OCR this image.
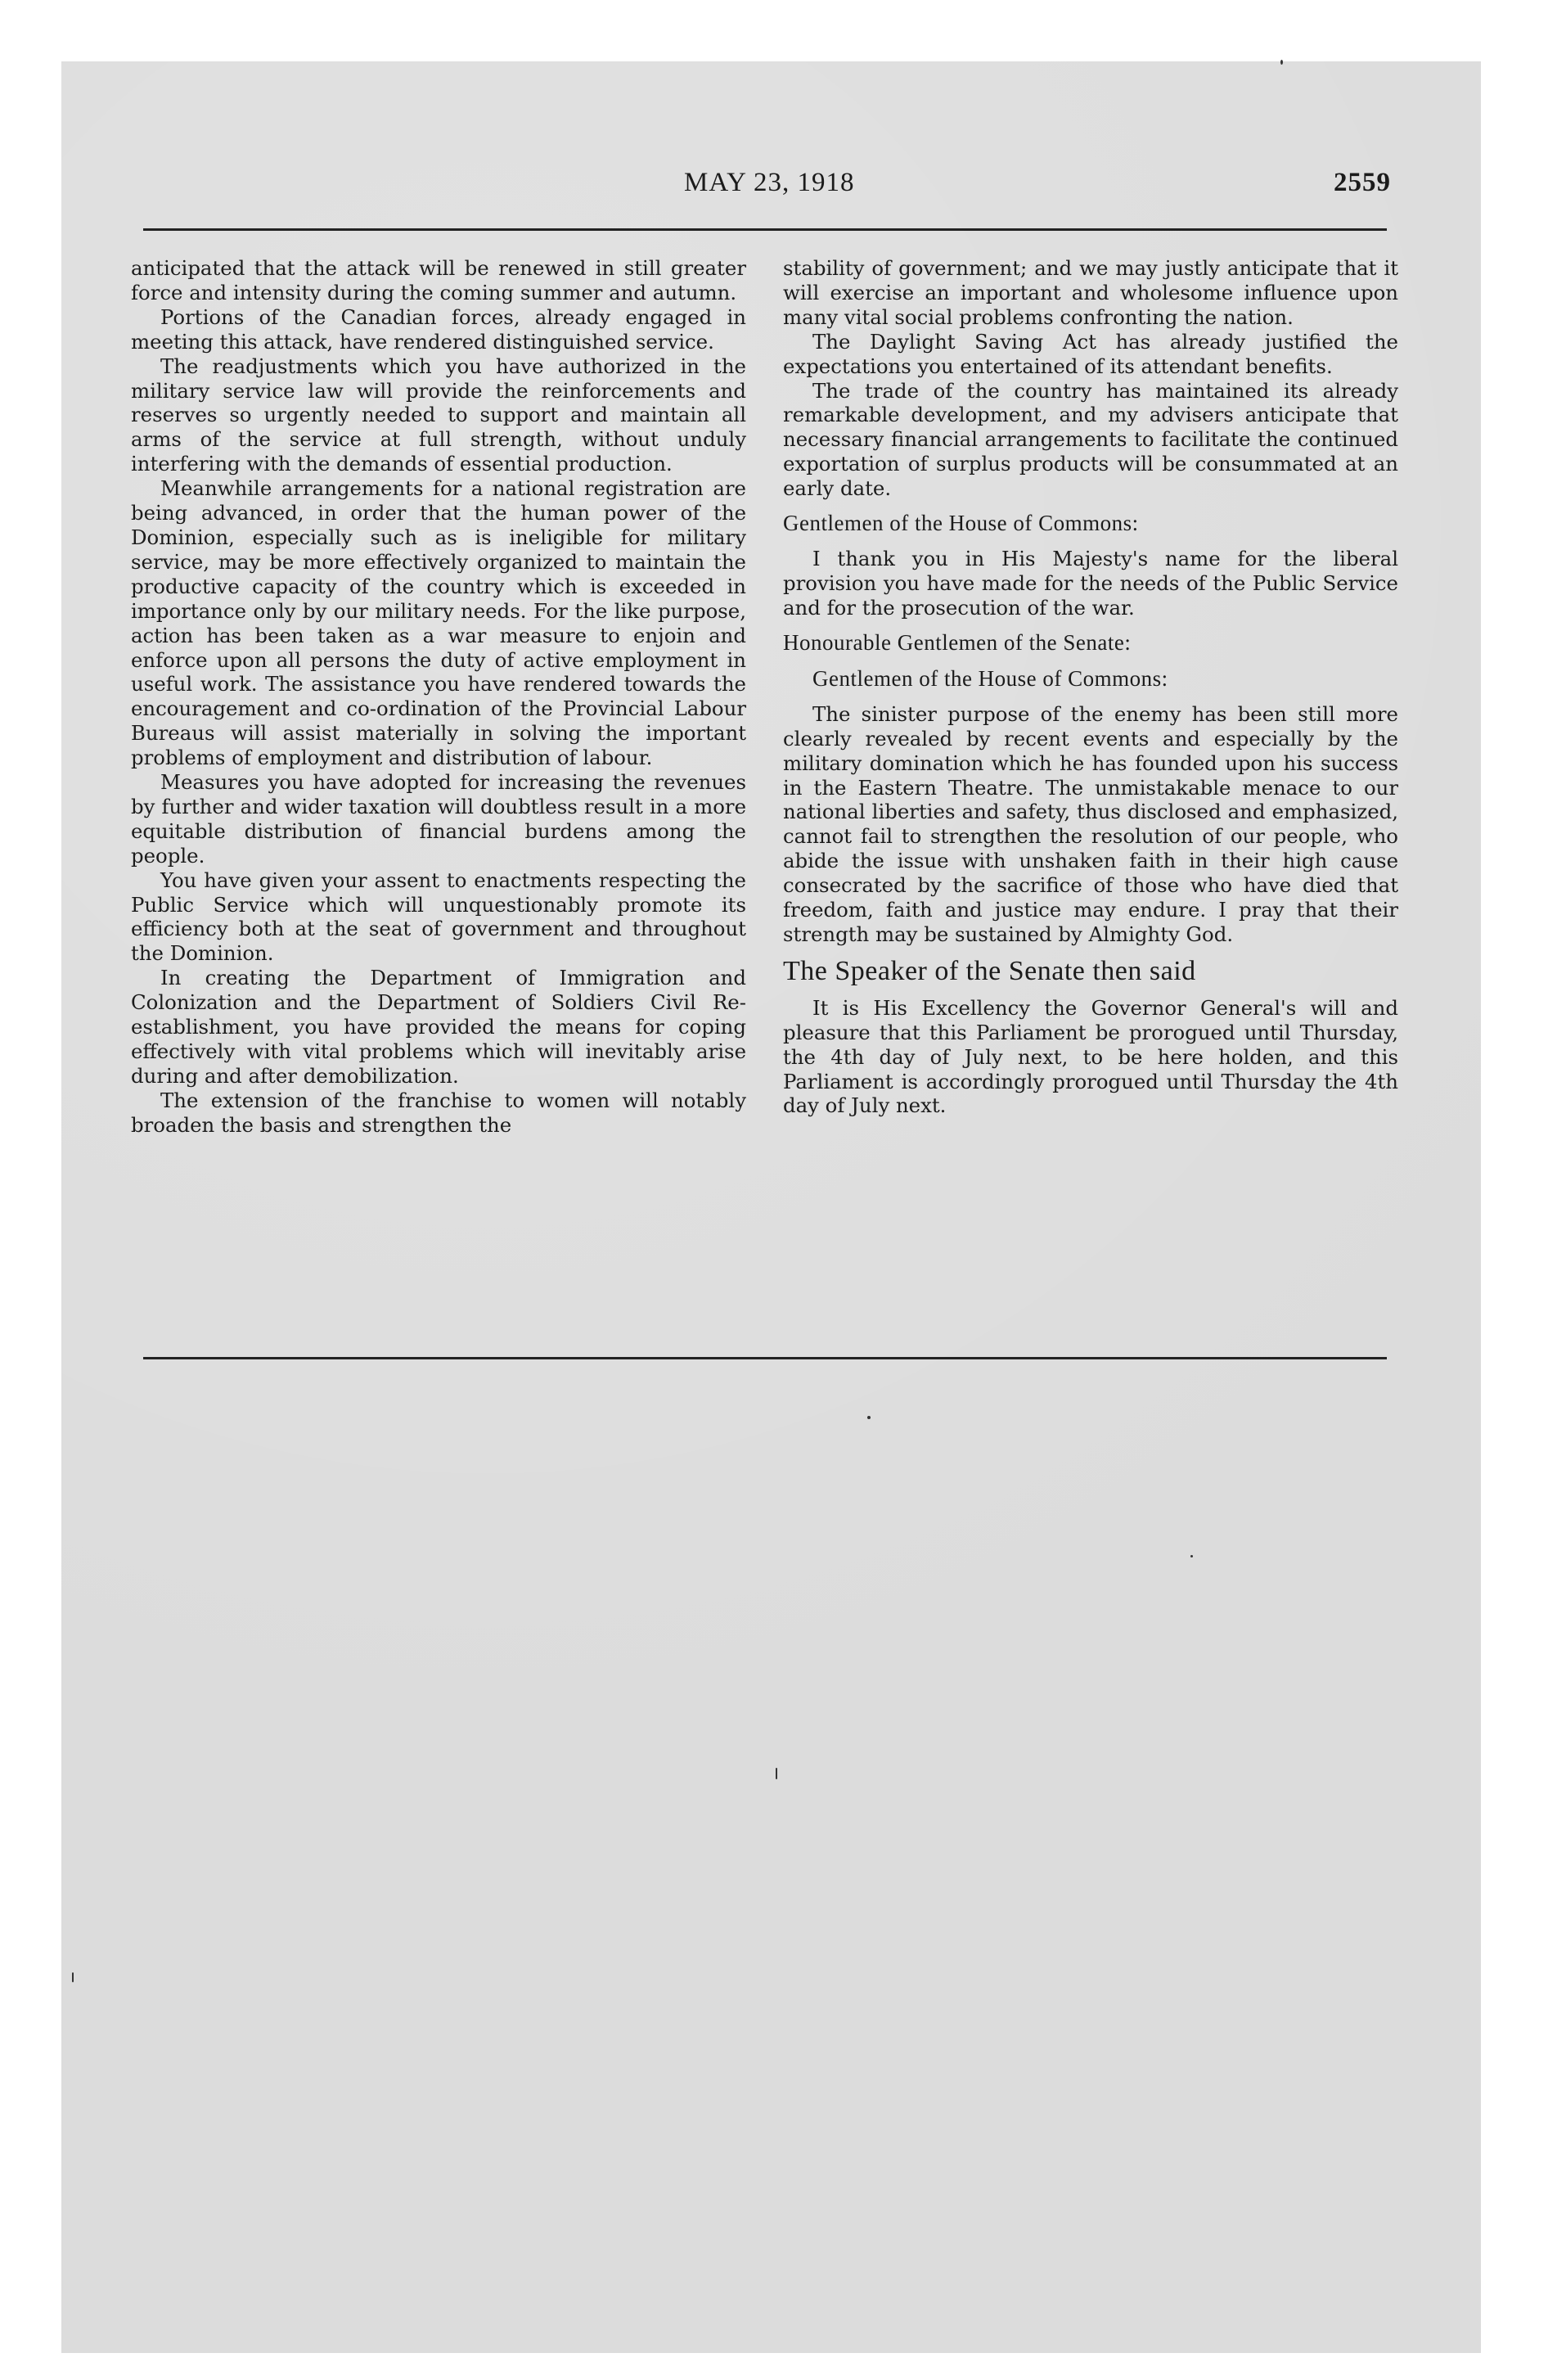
MAY 23, 1918	2559

anticipated that the attack will be renewed in still greater force and intensity during the coming summer and autumn.

Portions of the Canadian forces, already engaged in meeting this attack, have rendered distinguished service.

The readjustments which you have authorized in the military service law will provide the reinforcements and reserves so urgently needed to support and maintain all arms of the service at full strength, without unduly interfering with the demands of essential production.

Meanwhile arrangements for a national registration are being advanced, in order that the human power of the Dominion, especially such as is ineligible for military service, may be more effectively organized to maintain the productive capacity of the country which is exceeded in importance only by our military needs. For the like purpose, action has been taken as a war measure to enjoin and enforce upon all persons the duty of active employment in useful work. The assistance you have rendered towards the encouragement and co-ordination of the Provincial Labour Bureaus will assist materially in solving the important problems of employment and distribution of labour.

Measures you have adopted for increasing the revenues by further and wider taxation will doubtless result in a more equitable distribution of financial burdens among the people.

You have given your assent to enactments respecting the Public Service which will unquestionably promote its efficiency both at the seat of government and throughout the Dominion.

In creating the Department of Immigration and Colonization and the Department of Soldiers Civil Re-establishment, you have provided the means for coping effectively with vital problems which will inevitably arise during and after demobilization.

The extension of the franchise to women will notably broaden the basis and strengthen the

stability of government; and we may justly anticipate that it will exercise an important and wholesome influence upon many vital social problems confronting the nation.

The Daylight Saving Act has already justified the expectations you entertained of its attendant benefits.

The trade of the country has maintained its already remarkable development, and my advisers anticipate that necessary financial arrangements to facilitate the continued exportation of surplus products will be consummated at an early date.

Gentlemen of the House of Commons:

I thank you in His Majesty's name for the liberal provision you have made for the needs of the Public Service and for the prosecution of the war.

Honourable Gentlemen of the Senate:

Gentlemen of the House of Commons:

The sinister purpose of the enemy has been still more clearly revealed by recent events and especially by the military domination which he has founded upon his success in the Eastern Theatre. The unmistakable menace to our national liberties and safety, thus disclosed and emphasized, cannot fail to strengthen the resolution of our people, who abide the issue with unshaken faith in their high cause consecrated by the sacrifice of those who have died that freedom, faith and justice may endure. I pray that their strength may be sustained by Almighty God.

The Speaker of the Senate then said

It is His Excellency the Governor General's will and pleasure that this Parliament be prorogued until Thursday, the 4th day of July next, to be here holden, and this Parliament is accordingly prorogued until Thursday the 4th day of July next.
